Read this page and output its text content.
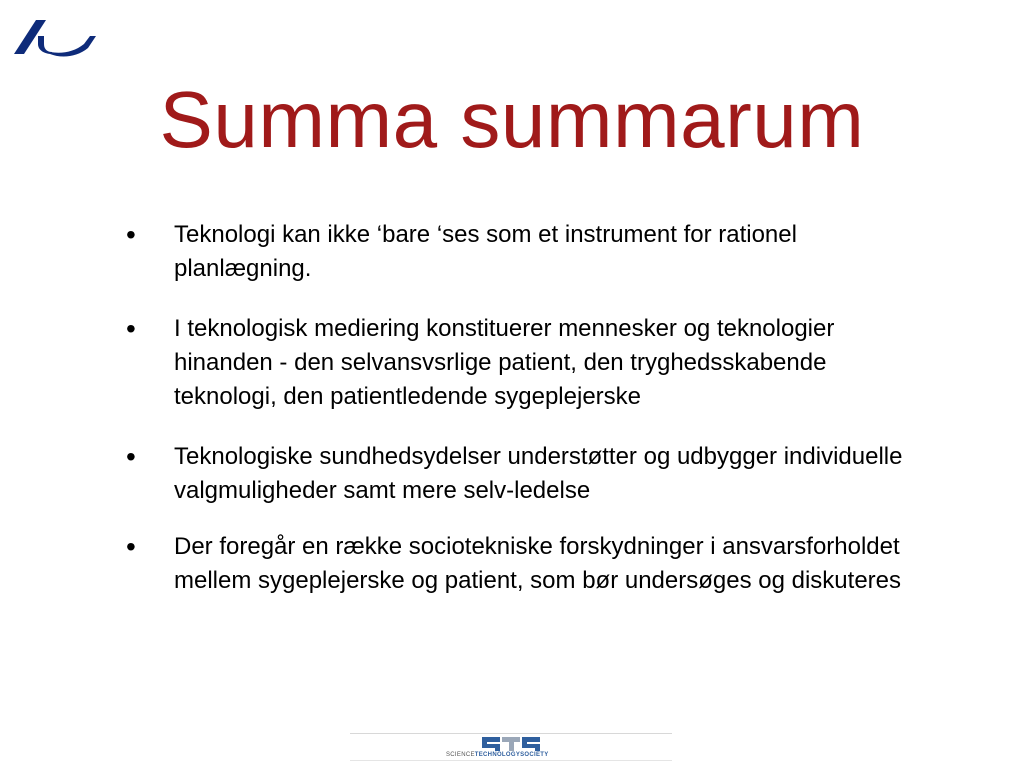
Summa summarum
• Teknologi kan ikke ‘bare ‘ses som et instrument for rationel planlægning.
• I teknologisk mediering konstituerer mennesker og teknologier hinanden - den selvansvsrlige patient, den tryghedsskabende teknologi, den patientledende sygeplejerske
• Teknologiske sundhedsydelser understøtter og udbygger individuelle valgmuligheder samt mere selv-ledelse
• Der foregår en række sociotekniske forskydninger i ansvarsforholdet mellem sygeplejerske og patient, som bør undersøges og diskuteres
SCIENCETECHNOLOGYSOCIETY
